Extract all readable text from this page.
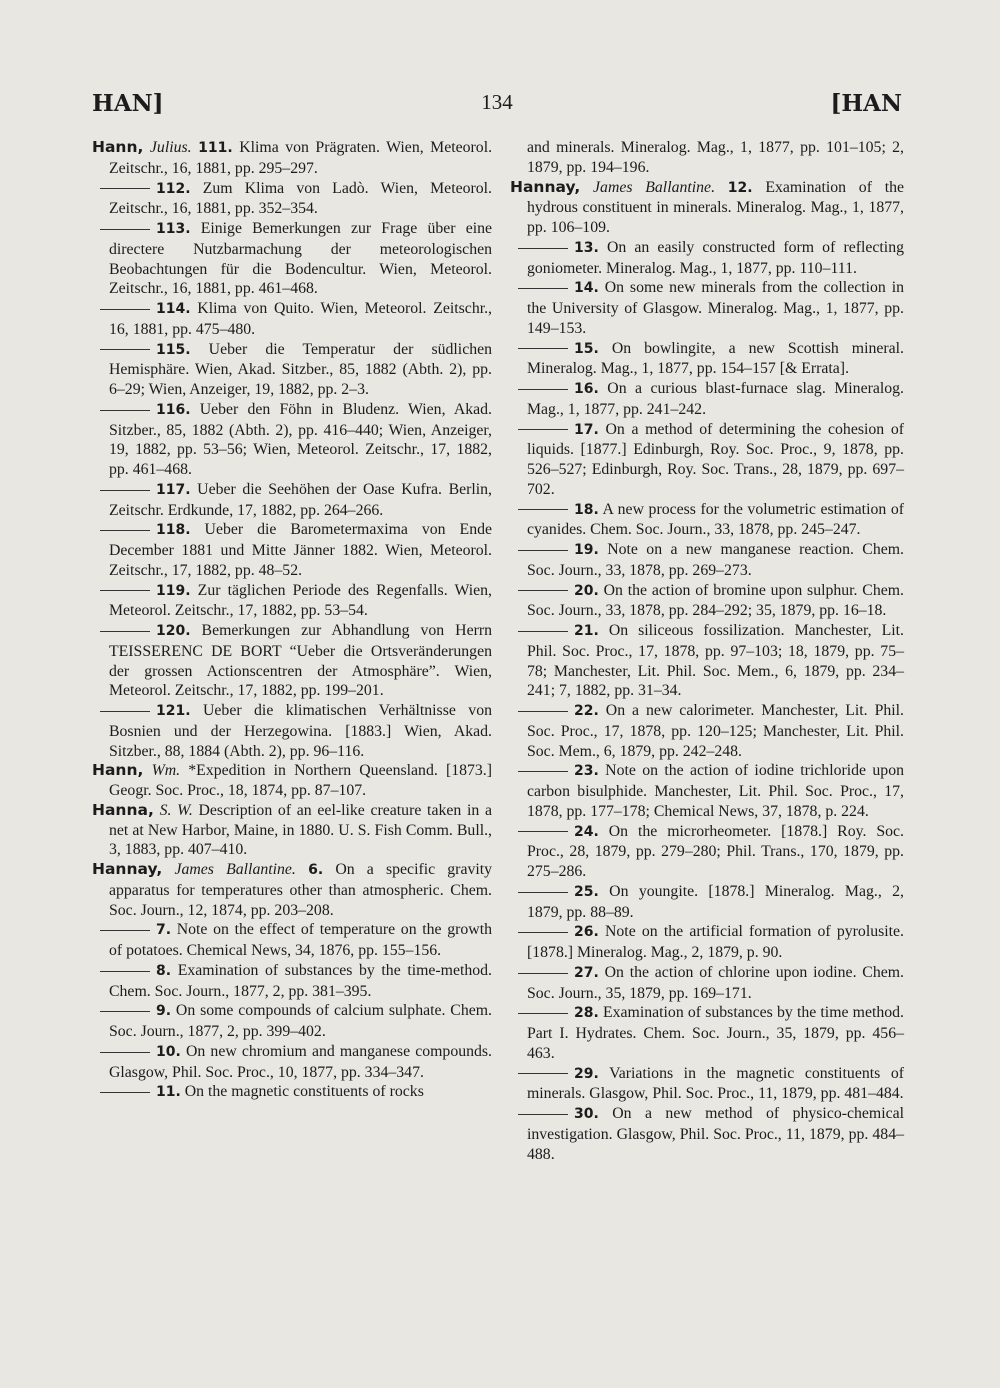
HAN]	134	[HAN

Hann, Julius. 111. Klima von Prägraten. Wien, Meteorol. Zeitschr., 16, 1881, pp. 295–297.

112. Zum Klima von Ladò. Wien, Meteorol. Zeitschr., 16, 1881, pp. 352–354.

113. Einige Bemerkungen zur Frage über eine directere Nutzbarmachung der meteorologischen Beobachtungen für die Bodencultur. Wien, Meteorol. Zeitschr., 16, 1881, pp. 461–468.

114. Klima von Quito. Wien, Meteorol. Zeitschr., 16, 1881, pp. 475–480.

115. Ueber die Temperatur der südlichen Hemisphäre. Wien, Akad. Sitzber., 85, 1882 (Abth. 2), pp. 6–29; Wien, Anzeiger, 19, 1882, pp. 2–3.

116. Ueber den Föhn in Bludenz. Wien, Akad. Sitzber., 85, 1882 (Abth. 2), pp. 416–440; Wien, Anzeiger, 19, 1882, pp. 53–56; Wien, Meteorol. Zeitschr., 17, 1882, pp. 461–468.

117. Ueber die Seehöhen der Oase Kufra. Berlin, Zeitschr. Erdkunde, 17, 1882, pp. 264–266.

118. Ueber die Barometermaxima von Ende December 1881 und Mitte Jänner 1882. Wien, Meteorol. Zeitschr., 17, 1882, pp. 48–52.

119. Zur täglichen Periode des Regenfalls. Wien, Meteorol. Zeitschr., 17, 1882, pp. 53–54.

120. Bemerkungen zur Abhandlung von Herrn TEISSERENC DE BORT “Ueber die Ortsveränderungen der grossen Actionscentren der Atmosphäre”. Wien, Meteorol. Zeitschr., 17, 1882, pp. 199–201.

121. Ueber die klimatischen Verhältnisse von Bosnien und der Herzegowina. [1883.] Wien, Akad. Sitzber., 88, 1884 (Abth. 2), pp. 96–116.

Hann, Wm. *Expedition in Northern Queensland. [1873.] Geogr. Soc. Proc., 18, 1874, pp. 87–107.

Hanna, S. W. Description of an eel-like creature taken in a net at New Harbor, Maine, in 1880. U. S. Fish Comm. Bull., 3, 1883, pp. 407–410.

Hannay, James Ballantine. 6. On a specific gravity apparatus for temperatures other than atmospheric. Chem. Soc. Journ., 12, 1874, pp. 203–208.

7. Note on the effect of temperature on the growth of potatoes. Chemical News, 34, 1876, pp. 155–156.

8. Examination of substances by the time-method. Chem. Soc. Journ., 1877, 2, pp. 381–395.

9. On some compounds of calcium sulphate. Chem. Soc. Journ., 1877, 2, pp. 399–402.

10. On new chromium and manganese compounds. Glasgow, Phil. Soc. Proc., 10, 1877, pp. 334–347.

11. On the magnetic constituents of rocks

and minerals. Mineralog. Mag., 1, 1877, pp. 101–105; 2, 1879, pp. 194–196.

Hannay, James Ballantine. 12. Examination of the hydrous constituent in minerals. Mineralog. Mag., 1, 1877, pp. 106–109.

13. On an easily constructed form of reflecting goniometer. Mineralog. Mag., 1, 1877, pp. 110–111.

14. On some new minerals from the collection in the University of Glasgow. Mineralog. Mag., 1, 1877, pp. 149–153.

15. On bowlingite, a new Scottish mineral. Mineralog. Mag., 1, 1877, pp. 154–157 [& Errata].

16. On a curious blast-furnace slag. Mineralog. Mag., 1, 1877, pp. 241–242.

17. On a method of determining the cohesion of liquids. [1877.] Edinburgh, Roy. Soc. Proc., 9, 1878, pp. 526–527; Edinburgh, Roy. Soc. Trans., 28, 1879, pp. 697–702.

18. A new process for the volumetric estimation of cyanides. Chem. Soc. Journ., 33, 1878, pp. 245–247.

19. Note on a new manganese reaction. Chem. Soc. Journ., 33, 1878, pp. 269–273.

20. On the action of bromine upon sulphur. Chem. Soc. Journ., 33, 1878, pp. 284–292; 35, 1879, pp. 16–18.

21. On siliceous fossilization. Manchester, Lit. Phil. Soc. Proc., 17, 1878, pp. 97–103; 18, 1879, pp. 75–78; Manchester, Lit. Phil. Soc. Mem., 6, 1879, pp. 234–241; 7, 1882, pp. 31–34.

22. On a new calorimeter. Manchester, Lit. Phil. Soc. Proc., 17, 1878, pp. 120–125; Manchester, Lit. Phil. Soc. Mem., 6, 1879, pp. 242–248.

23. Note on the action of iodine trichloride upon carbon bisulphide. Manchester, Lit. Phil. Soc. Proc., 17, 1878, pp. 177–178; Chemical News, 37, 1878, p. 224.

24. On the microrheometer. [1878.] Roy. Soc. Proc., 28, 1879, pp. 279–280; Phil. Trans., 170, 1879, pp. 275–286.

25. On youngite. [1878.] Mineralog. Mag., 2, 1879, pp. 88–89.

26. Note on the artificial formation of pyrolusite. [1878.] Mineralog. Mag., 2, 1879, p. 90.

27. On the action of chlorine upon iodine. Chem. Soc. Journ., 35, 1879, pp. 169–171.

28. Examination of substances by the time method. Part I. Hydrates. Chem. Soc. Journ., 35, 1879, pp. 456–463.

29. Variations in the magnetic constituents of minerals. Glasgow, Phil. Soc. Proc., 11, 1879, pp. 481–484.

30. On a new method of physico-chemical investigation. Glasgow, Phil. Soc. Proc., 11, 1879, pp. 484–488.
